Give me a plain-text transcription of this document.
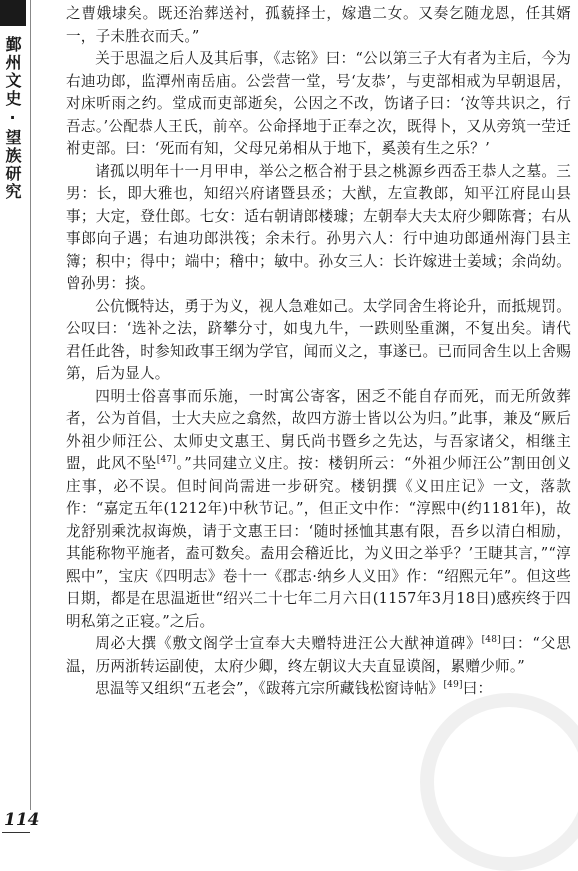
鄞州文史·望族研究
114

之曹娥埭矣。既还治葬送衬，孤藐择士，嫁遣二女。又奏乞随龙恩，任其婿一，子未胜衣而夭。”

关于思温之后人及其后事，《志铭》曰：“公以第三子大有者为主后，今为右迪功郎，监潭州南岳庙。公尝营一堂，号‘友恭’，与吏部相戒为早朝退居，对床听雨之约。堂成而吏部逝矣，公因之不改，饬诸子曰：‘汝等共识之，行吾志。’公配恭人王氏，前卒。公命择地于正奉之次，既得卜，又从旁筑一茔迁祔吏部。曰：‘死而有知，父母兄弟相从于地下，奚羡有生之乐？’

诸孤以明年十一月甲申，举公之柩合祔于县之桃源乡西岙王恭人之墓。三男：长，即大雅也，知绍兴府诸暨县丞；大猷，左宣教郎，知平江府昆山县事；大定，登仕郎。七女：适右朝请郎楼璩；左朝奉大夫太府少卿陈膏；右从事郎向子遇；右迪功郎洪筏；余未行。孙男六人：行中迪功郎通州海门县主簿；积中；得中；端中；稽中；敏中。孙女三人：长许嫁进士姜域；余尚幼。曾孙男：掞。

公伉慨特达，勇于为义，视人急难如己。太学同舍生将论升，而抵规罚。公叹曰：‘选补之法，跻攀分寸，如曳九牛，一跌则坠重渊，不复出矣。请代君任此咎，时参知政事王纲为学官，闻而义之，事遂已。已而同舍生以上舍赐第，后为显人。

四明士俗喜事而乐施，一时寓公寄客，困乏不能自存而死，而无所敛葬者，公为首倡，士大夫应之翕然，故四方游士皆以公为归。”此事，兼及“厥后外祖少师汪公、太师史文惠王、舅氏尚书暨乡之先达，与吾家诸父，相继主盟，此风不坠[47]。”共同建立义庄。按：楼钥所云：“外祖少师汪公”割田创义庄事，必不误。但时间尚需进一步研究。楼钥撰《义田庄记》一文，落款作：“嘉定五年(1212年)中秋节记。”，但正文中作：“淳熙中(约1181年)，故龙舒别乘沈叔诲焕，请于文惠王曰：‘随时拯恤其惠有限，吾乡以清白相励，其能称物平施者，盍可数矣。盍用会稽近比，为义田之举乎？’王睫其言，”“淳熙中”，宝庆《四明志》卷十一《郡志·纳乡人义田》作：“绍熙元年”。但这些日期，都是在思温逝世“绍兴二十七年二月六日(1157年3月18日)感疾终于四明私第之正寝。”之后。

周必大撰《敷文阁学士宣奉大夫赠特进汪公大猷神道碑》[48]曰：“父思温，历两浙转运副使，太府少卿，终左朝议大夫直显谟阁，累赠少师。”

思温等又组织“五老会”，《跋蒋亢宗所藏钱松窗诗帖》[49]曰：
